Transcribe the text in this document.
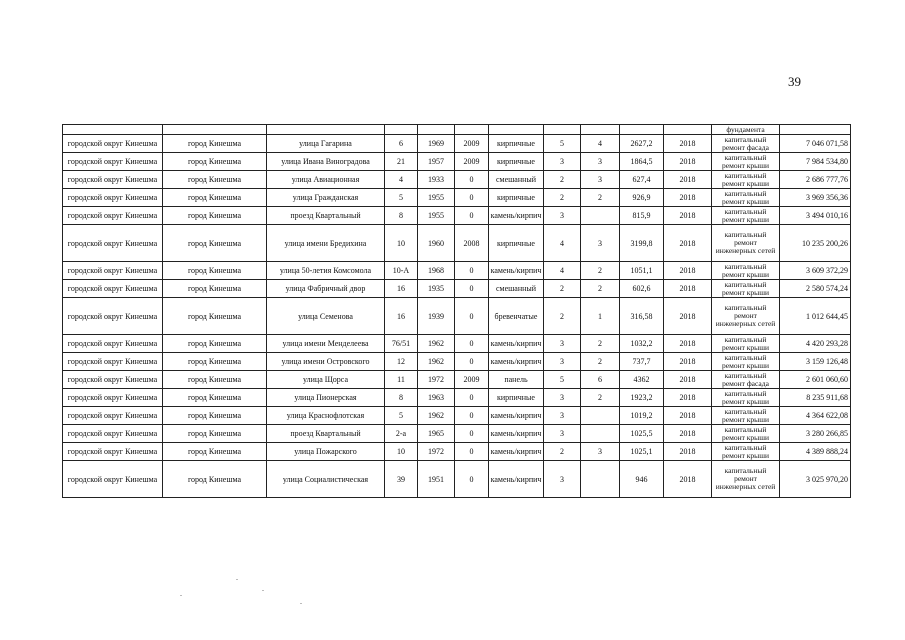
39
											фундамента	
городской округ Кинешма	город Кинешма	улица Гагарина	6	1969	2009	кирпичные	5	4	2627,2	2018	капитальный ремонт фасада	7 046 071,58
городской округ Кинешма	город Кинешма	улица Ивана Виноградова	21	1957	2009	кирпичные	3	3	1864,5	2018	капитальный ремонт крыши	7 984 534,80
городской округ Кинешма	город Кинешма	улица Авиационная	4	1933	0	смешанный	2	3	627,4	2018	капитальный ремонт крыши	2 686 777,76
городской округ Кинешма	город Кинешма	улица Гражданская	5	1955	0	кирпичные	2	2	926,9	2018	капитальный ремонт крыши	3 969 356,36
городской округ Кинешма	город Кинешма	проезд Квартальный	8	1955	0	камень/кирпич	3		815,9	2018	капитальный ремонт крыши	3 494 010,16
городской округ Кинешма	город Кинешма	улица имени Бредихина	10	1960	2008	кирпичные	4	3	3199,8	2018	капитальный ремонт инженерных сетей	10 235 200,26
городской округ Кинешма	город Кинешма	улица 50-летия Комсомола	10-А	1968	0	камень/кирпич	4	2	1051,1	2018	капитальный ремонт крыши	3 609 372,29
городской округ Кинешма	город Кинешма	улица Фабричный двор	16	1935	0	смешанный	2	2	602,6	2018	капитальный ремонт крыши	2 580 574,24
городской округ Кинешма	город Кинешма	улица Семенова	16	1939	0	бревенчатые	2	1	316,58	2018	капитальный ремонт инженерных сетей	1 012 644,45
городской округ Кинешма	город Кинешма	улица имени Менделеева	76/51	1962	0	камень/кирпич	3	2	1032,2	2018	капитальный ремонт крыши	4 420 293,28
городской округ Кинешма	город Кинешма	улица имени Островского	12	1962	0	камень/кирпич	3	2	737,7	2018	капитальный ремонт крыши	3 159 126,48
городской округ Кинешма	город Кинешма	улица Щорса	11	1972	2009	панель	5	6	4362	2018	капитальный ремонт фасада	2 601 060,60
городской округ Кинешма	город Кинешма	улица Пионерская	8	1963	0	кирпичные	3	2	1923,2	2018	капитальный ремонт крыши	8 235 911,68
городской округ Кинешма	город Кинешма	улица Краснофлотская	5	1962	0	камень/кирпич	3		1019,2	2018	капитальный ремонт крыши	4 364 622,08
городской округ Кинешма	город Кинешма	проезд Квартальный	2-а	1965	0	камень/кирпич	3		1025,5	2018	капитальный ремонт крыши	3 280 266,85
городской округ Кинешма	город Кинешма	улица Пожарского	10	1972	0	камень/кирпич	2	3	1025,1	2018	капитальный ремонт крыши	4 389 888,24
городской округ Кинешма	город Кинешма	улица Социалистическая	39	1951	0	камень/кирпич	3		946	2018	капитальный ремонт инженерных сетей	3 025 970,20
